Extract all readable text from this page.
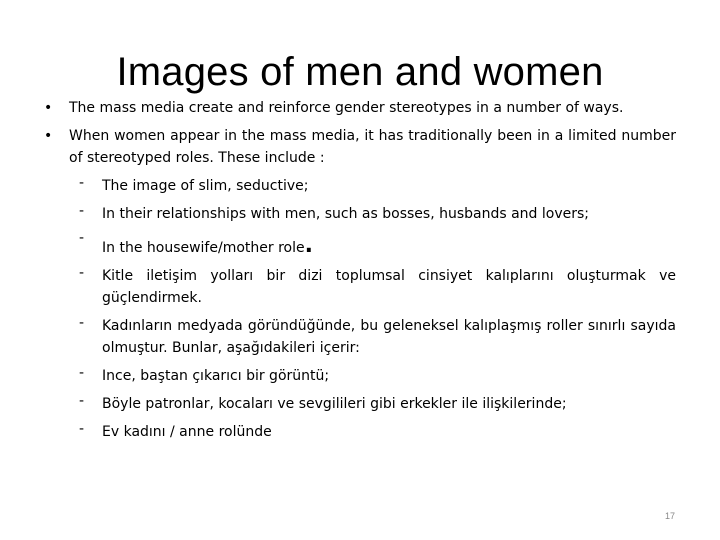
Images of men and women
• The mass media create and reinforce gender stereotypes in a number of ways.
• When women appear in the mass media, it has traditionally been in a limited number of stereotyped roles. These include :
- The image of slim, seductive;
- In their relationships with men, such as bosses, husbands and lovers;
-
In the housewife/mother role.
- Kitle iletişim yolları bir dizi toplumsal cinsiyet kalıplarını oluşturmak ve güçlendirmek.
- Kadınların medyada göründüğünde, bu geleneksel kalıplaşmış roller sınırlı sayıda olmuştur. Bunlar, aşağıdakileri içerir:
- Ince, baştan çıkarıcı bir görüntü;
- Böyle patronlar, kocaları ve sevgilileri gibi erkekler ile ilişkilerinde;
- Ev kadını / anne rolünde
17
